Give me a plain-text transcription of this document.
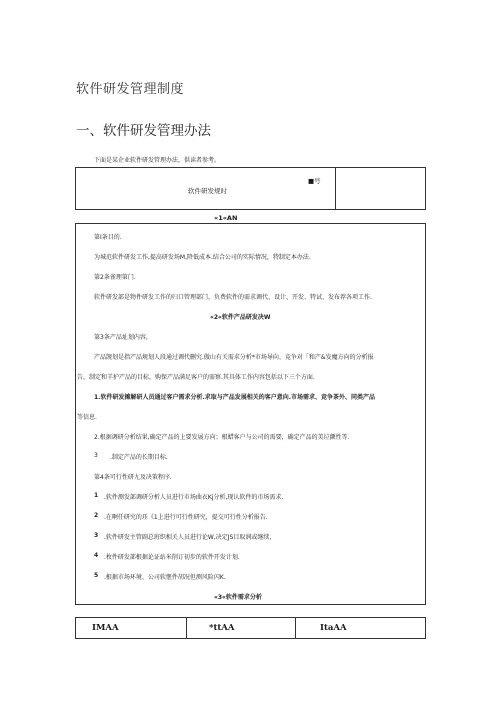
软件研发管理制度
一、软件研发管理办法
下面是某企业软件研发管理办法，供读者参考。
软件研发规时
■号
«1«AN
第I条目的.
为城范软件研发工作,提高研发场M,降低成本.结合公司的实际情况，特制定本办法.
第2条雀理第门.
软件研发部是物件研发工作的归口管理部门，负费软件的需求调代、设计、开发、特试、发布荐各项工作.
«2«软件产品研发决W
第3条产品址划内容，
产品觊划是指产品规划人段通过调代删究.傲山有关需求分析*市场导向、竞争对「和产&发魔方向的分析报
告，制定和羊护产品的目标，购保产品满足客户的需察.其具体工作内容包括以下三个方面.
1.软件研发摊解研人员通过客户需求分析.求取与产品发展相关的客户意向.市场需求、竞争茶外、同类产品
等信息.
2.根据调研分析结果,确定产品的上要发展方向；根蜡客户与公司的需要，确定产品的美垃颤性等.
3 .制定产品的长期目标.
第4条可行性研尢及决策程序.
1 .软件测发部调研分析人员进行市场曲衣Kj分析,现认软件的市场需求.
2 .在啊任研究的珏《1上进行可行性研究，提交可行性分析报告.
3 .软件研发主管副总班织相关人员进行论W,决定JS目取润或继续，
4 .枚件研发部根据论证站米削订初步的软件开发计划.
5 .根据市场环境、公司软惬件胡况但测风险闪K.
«3«软件需求分析
IMAA	*ttAA	ItaAA
